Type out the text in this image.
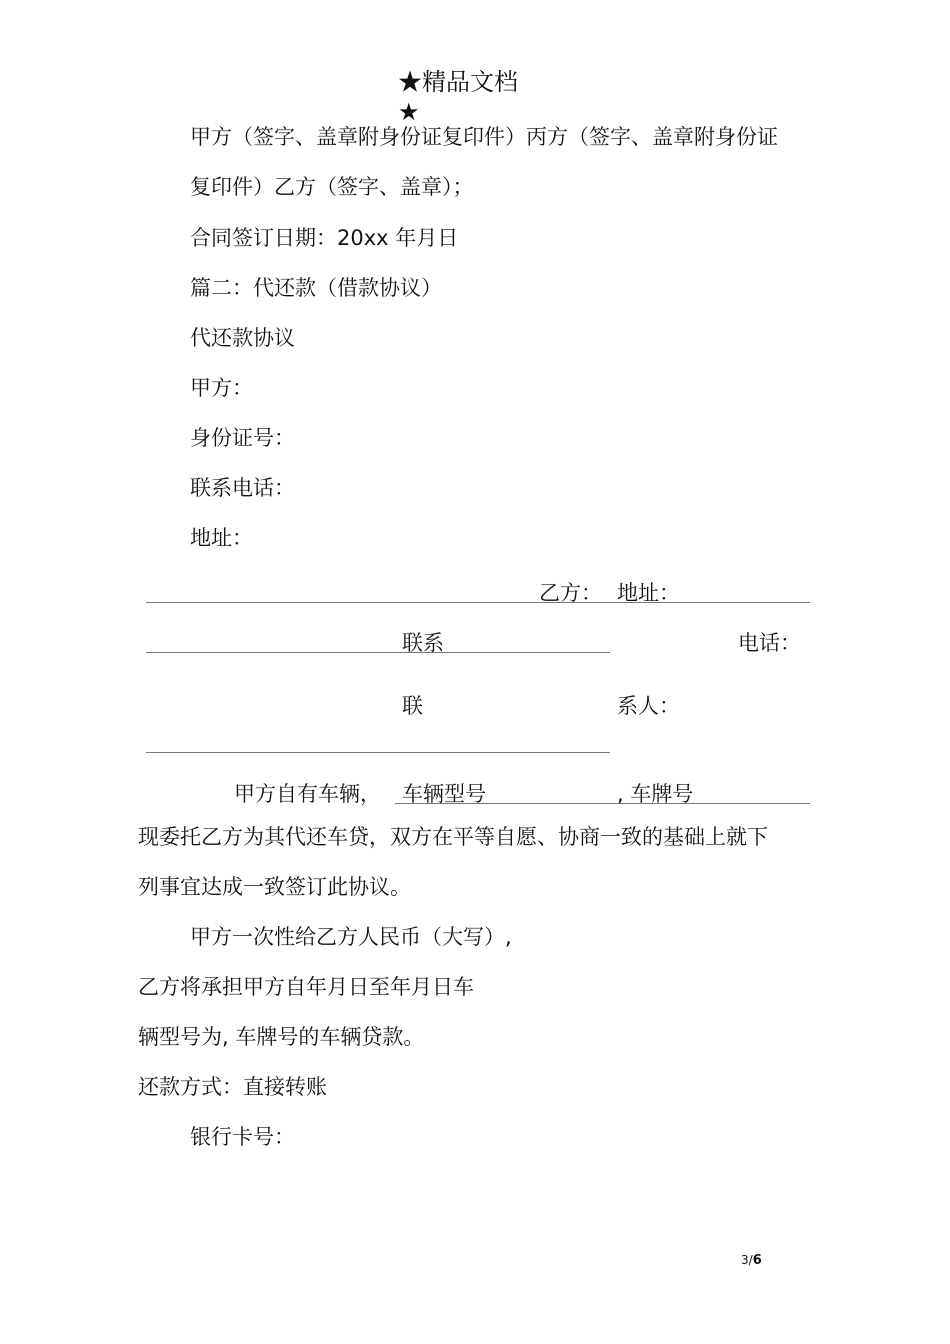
★精品文档
★
甲方（签字、盖章附身份证复印件）丙方（签字、盖章附身份证
复印件）乙方（签字、盖章）；
合同签订日期：20xx 年月日
篇二：代还款（借款协议）
代还款协议
甲方：
身份证号：
联系电话：
地址：
乙方： 地址：
联系	电话：
联	系人：
甲方自有车辆， 车辆型号	, 车牌号
现委托乙方为其代还车贷，双方在平等自愿、协商一致的基础上就下
列事宜达成一致签订此协议。
甲方一次性给乙方人民币（大写）,
乙方将承担甲方自年月日至年月日车
辆型号为, 车牌号的车辆贷款。
还款方式：直接转账
银行卡号：
3/6
